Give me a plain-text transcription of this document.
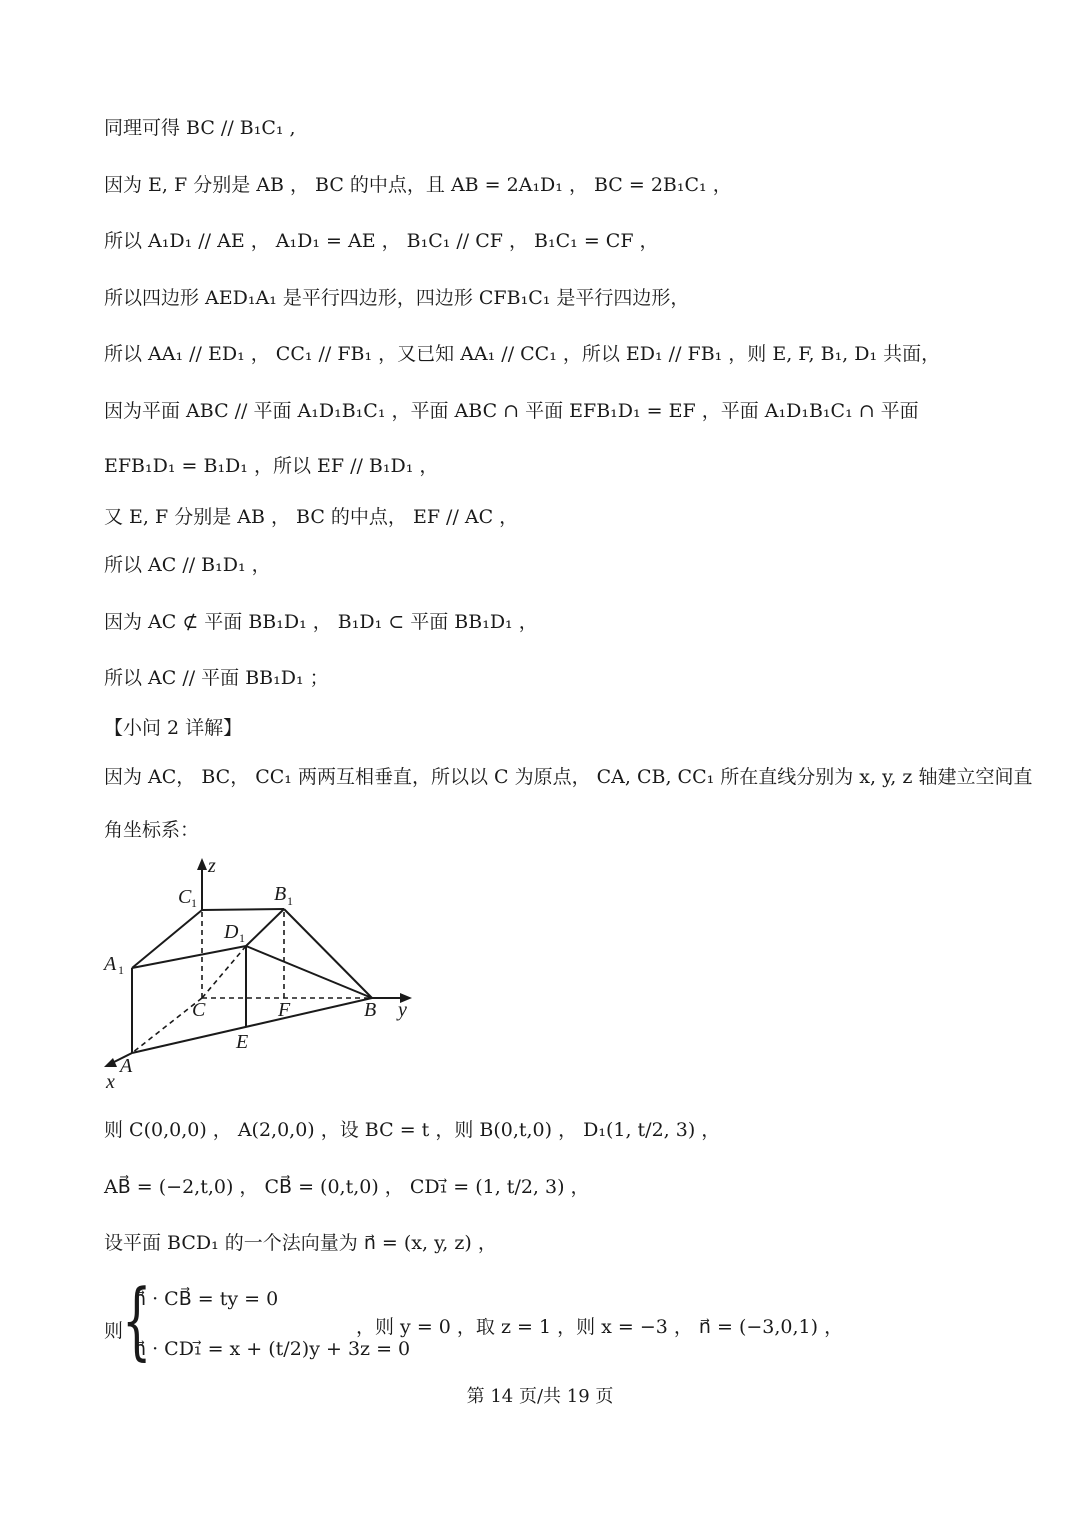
同理可得 BC // B₁C₁ ,
因为 E, F 分别是 AB ， BC 的中点，且 AB = 2A₁D₁ ， BC = 2B₁C₁ ，
所以 A₁D₁ // AE ， A₁D₁ = AE ， B₁C₁ // CF ， B₁C₁ = CF ，
所以四边形 AED₁A₁ 是平行四边形，四边形 CFB₁C₁ 是平行四边形，
所以 AA₁ // ED₁ ， CC₁ // FB₁ ，又已知 AA₁ // CC₁ ，所以 ED₁ // FB₁ ，则 E, F, B₁, D₁ 共面，
因为平面 ABC // 平面 A₁D₁B₁C₁ ，平面 ABC ∩ 平面 EFB₁D₁ = EF ，平面 A₁D₁B₁C₁ ∩ 平面
EFB₁D₁ = B₁D₁ ，所以 EF // B₁D₁ ，
又 E, F 分别是 AB ， BC 的中点， EF // AC ，
所以 AC // B₁D₁ ，
因为 AC ⊄ 平面 BB₁D₁ ， B₁D₁ ⊂ 平面 BB₁D₁ ，
所以 AC // 平面 BB₁D₁ ；
【小问 2 详解】
因为 AC， BC， CC₁ 两两互相垂直，所以以 C 为原点， CA, CB, CC₁ 所在直线分别为 x, y, z 轴建立空间直
角坐标系：
z
C 1	B 1
D 1
A 1
C	F	B y
E
A
x
则 C(0,0,0) ， A(2,0,0) ，设 BC = t ，则 B(0,t,0) ， D₁(1, t/2, 3) ，
AB⃗ = (−2,t,0) ， CB⃗ = (0,t,0) ， CD₁⃗ = (1, t/2, 3) ，
设平面 BCD₁ 的一个法向量为 n⃗ = (x, y, z) ，
则
{
n⃗ · CB⃗ = ty = 0
n⃗ · CD₁⃗ = x + (t/2)y + 3z = 0
，则 y = 0 ，取 z = 1 ，则 x = −3 ， n⃗ = (−3,0,1) ，
第 14 页/共 19 页
